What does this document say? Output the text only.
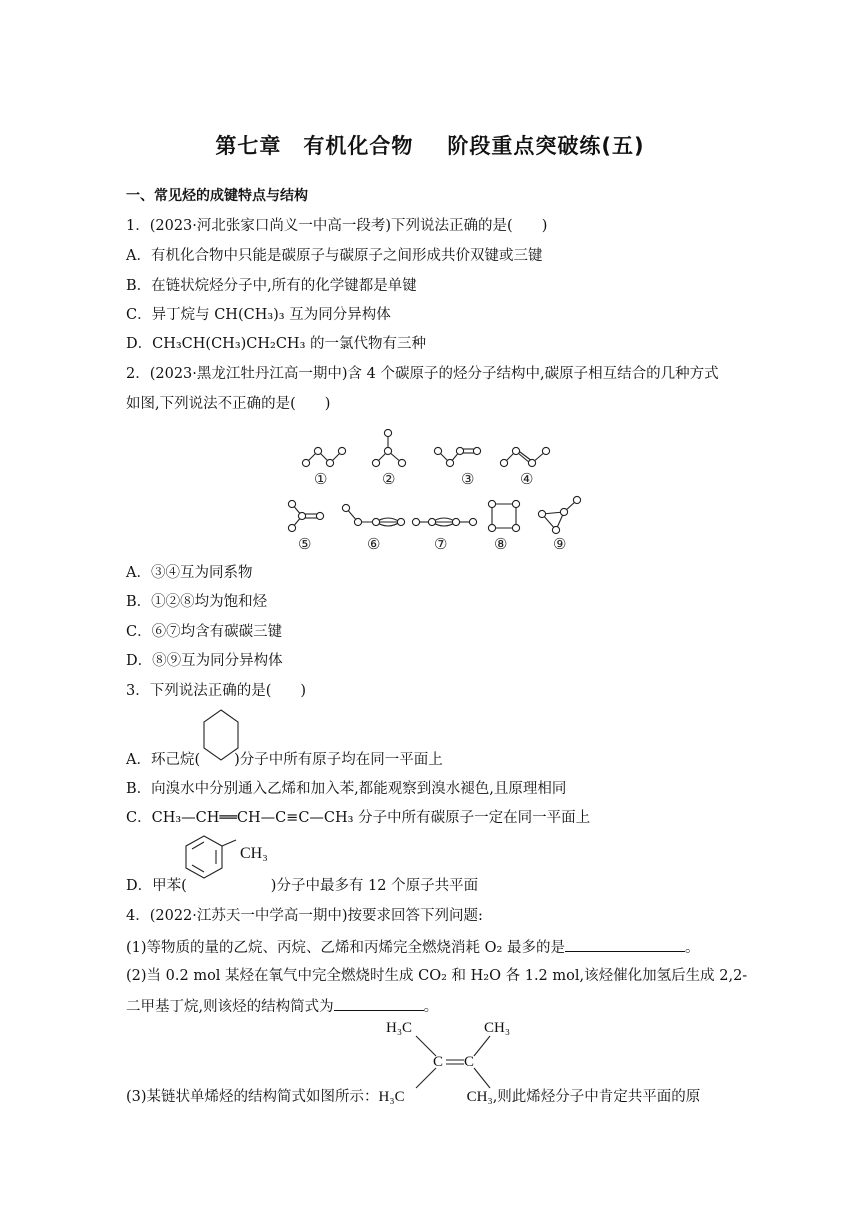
第七章　有机化合物 阶段重点突破练(五)
一、常见烃的成键特点与结构
1．(2023·河北张家口尚义一中高一段考)下列说法正确的是(　　)
A．有机化合物中只能是碳原子与碳原子之间形成共价双键或三键
B．在链状烷烃分子中,所有的化学键都是单键
C．异丁烷与 CH(CH₃)₃ 互为同分异构体
D．CH₃CH(CH₃)CH₂CH₃ 的一氯代物有三种
2．(2023·黑龙江牡丹江高一期中)含 4 个碳原子的烃分子结构中,碳原子相互结合的几种方式
如图,下列说法不正确的是(　　)
①	②	③	④
⑤	⑥	⑦	⑧	⑨
A．③④互为同系物
B．①②⑧均为饱和烃
C．⑥⑦均含有碳碳三键
D．⑧⑨互为同分异构体
3．下列说法正确的是(　　)
A．环己烷( )分子中所有原子均在同一平面上
B．向溴水中分别通入乙烯和加入苯,都能观察到溴水褪色,且原理相同
C．CH₃—CH══CH—C≡C—CH₃ 分子中所有碳原子一定在同一平面上
CH₃
D．甲苯(	)分子中最多有 12 个原子共平面
4．(2022·江苏天一中学高一期中)按要求回答下列问题:
(1)等物质的量的乙烷、丙烷、乙烯和丙烯完全燃烧消耗 O₂ 最多的是	。
(2)当 0.2 mol 某烃在氧气中完全燃烧时生成 CO₂ 和 H₂O 各 1.2 mol,该烃催化加氢后生成 2,2-
二甲基丁烷,则该烃的结构简式为	。
H₃C	CH₃
C C
(3)某链状单烯烃的结构简式如图所示：H₃C	CH₃,则此烯烃分子中肯定共平面的原
